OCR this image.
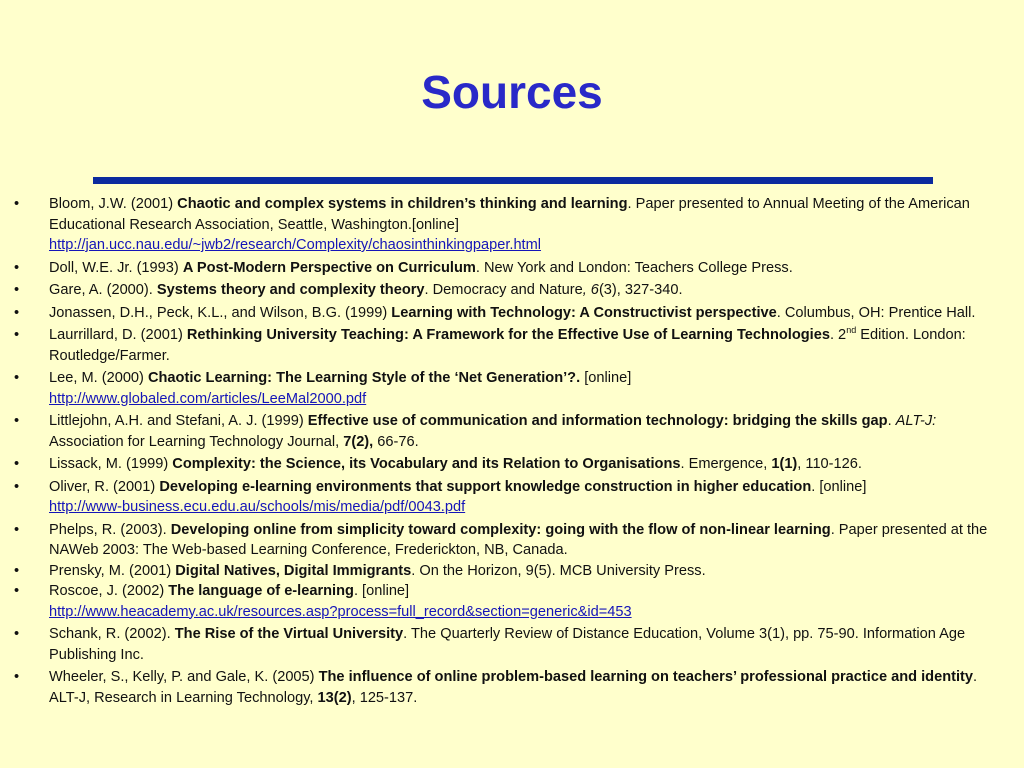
Sources
• Bloom, J.W. (2001) Chaotic and complex systems in children’s thinking and learning. Paper presented to Annual Meeting of the American Educational Research Association, Seattle, Washington.[online]
http://jan.ucc.nau.edu/~jwb2/research/Complexity/chaosinthinkingpaper.html
• Doll, W.E. Jr. (1993) A Post-Modern Perspective on Curriculum. New York and London: Teachers College Press.
• Gare, A. (2000). Systems theory and complexity theory. Democracy and Nature, 6(3), 327-340.
• Jonassen, D.H., Peck, K.L., and Wilson, B.G. (1999) Learning with Technology: A Constructivist perspective. Columbus, OH: Prentice Hall.
• Laurrillard, D. (2001) Rethinking University Teaching: A Framework for the Effective Use of Learning Technologies. 2nd Edition. London: Routledge/Farmer.
• Lee, M. (2000) Chaotic Learning: The Learning Style of the ‘Net Generation’?. [online]
http://www.globaled.com/articles/LeeMal2000.pdf
• Littlejohn, A.H. and Stefani, A. J. (1999) Effective use of communication and information technology: bridging the skills gap. ALT-J: Association for Learning Technology Journal, 7(2), 66-76.
• Lissack, M. (1999) Complexity: the Science, its Vocabulary and its Relation to Organisations. Emergence, 1(1), 110-126.
• Oliver, R. (2001) Developing e-learning environments that support knowledge construction in higher education. [online]
http://www-business.ecu.edu.au/schools/mis/media/pdf/0043.pdf
• Phelps, R. (2003). Developing online from simplicity toward complexity: going with the flow of non-linear learning. Paper presented at the NAWeb 2003: The Web-based Learning Conference, Frederickton, NB, Canada.
• Prensky, M. (2001) Digital Natives, Digital Immigrants. On the Horizon, 9(5). MCB University Press.
• Roscoe, J. (2002) The language of e-learning. [online]
http://www.heacademy.ac.uk/resources.asp?process=full_record&section=generic&id=453
• Schank, R. (2002). The Rise of the Virtual University. The Quarterly Review of Distance Education, Volume 3(1), pp. 75-90. Information Age Publishing Inc.
• Wheeler, S., Kelly, P. and Gale, K. (2005) The influence of online problem-based learning on teachers’ professional practice and identity. ALT-J, Research in Learning Technology, 13(2), 125-137.
